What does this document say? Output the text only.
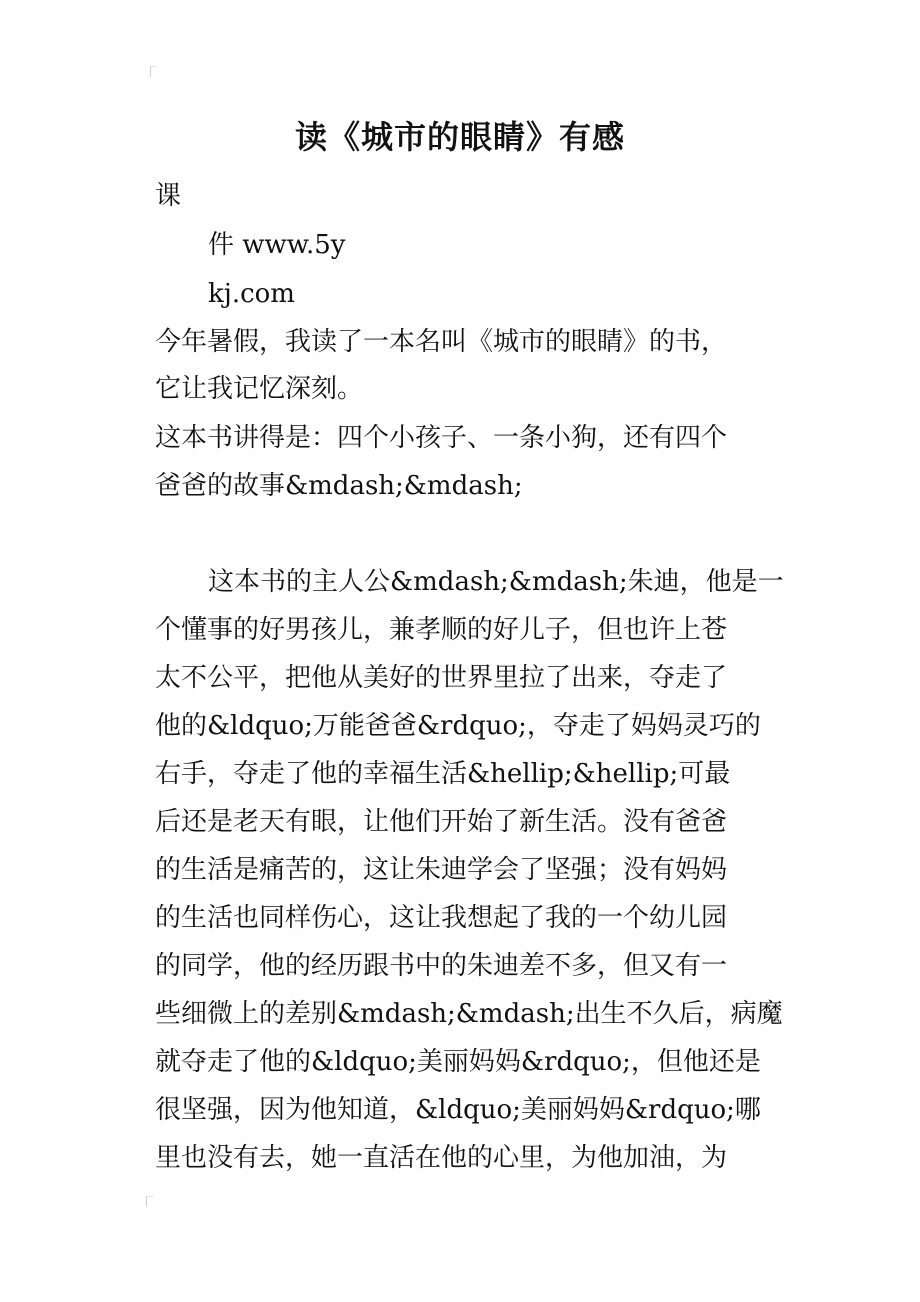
读《城市的眼睛》有感
课
件 www.5y
kj.com
今年暑假，我读了一本名叫《城市的眼睛》的书，
它让我记忆深刻。
这本书讲得是：四个小孩子、一条小狗，还有四个
爸爸的故事&mdash;&mdash;
这本书的主人公&mdash;&mdash;朱迪，他是一
个懂事的好男孩儿，兼孝顺的好儿子，但也许上苍
太不公平，把他从美好的世界里拉了出来，夺走了
他的&ldquo;万能爸爸&rdquo;，夺走了妈妈灵巧的
右手，夺走了他的幸福生活&hellip;&hellip;可最
后还是老天有眼，让他们开始了新生活。没有爸爸
的生活是痛苦的，这让朱迪学会了坚强；没有妈妈
的生活也同样伤心，这让我想起了我的一个幼儿园
的同学，他的经历跟书中的朱迪差不多，但又有一
些细微上的差别&mdash;&mdash;出生不久后，病魔
就夺走了他的&ldquo;美丽妈妈&rdquo;，但他还是
很坚强，因为他知道，&ldquo;美丽妈妈&rdquo;哪
里也没有去，她一直活在他的心里，为他加油，为
